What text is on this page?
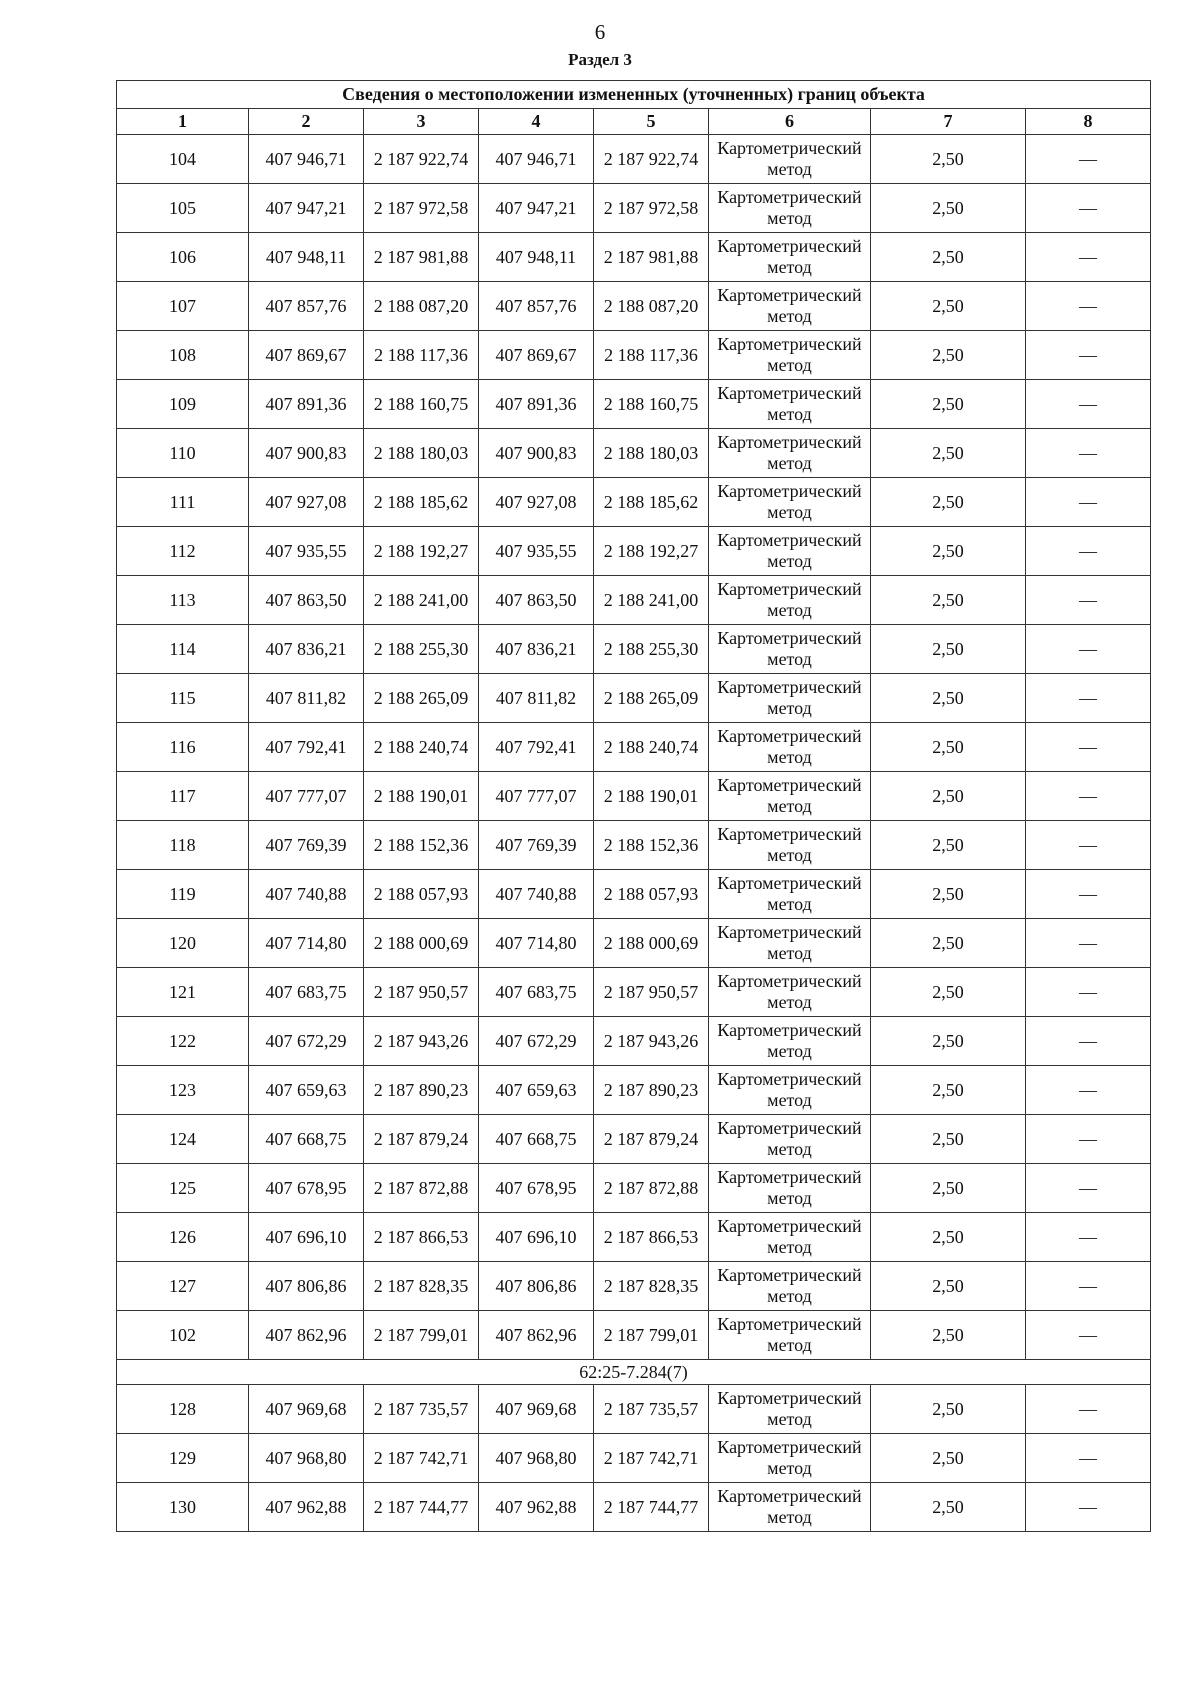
6
Раздел 3
Сведения о местоположении измененных (уточненных) границ объекта							
1	2	3	4	5	6	7	8
104	407 946,71	2 187 922,74	407 946,71	2 187 922,74	Картометрический метод	2,50	—
105	407 947,21	2 187 972,58	407 947,21	2 187 972,58	Картометрический метод	2,50	—
106	407 948,11	2 187 981,88	407 948,11	2 187 981,88	Картометрический метод	2,50	—
107	407 857,76	2 188 087,20	407 857,76	2 188 087,20	Картометрический метод	2,50	—
108	407 869,67	2 188 117,36	407 869,67	2 188 117,36	Картометрический метод	2,50	—
109	407 891,36	2 188 160,75	407 891,36	2 188 160,75	Картометрический метод	2,50	—
110	407 900,83	2 188 180,03	407 900,83	2 188 180,03	Картометрический метод	2,50	—
111	407 927,08	2 188 185,62	407 927,08	2 188 185,62	Картометрический метод	2,50	—
112	407 935,55	2 188 192,27	407 935,55	2 188 192,27	Картометрический метод	2,50	—
113	407 863,50	2 188 241,00	407 863,50	2 188 241,00	Картометрический метод	2,50	—
114	407 836,21	2 188 255,30	407 836,21	2 188 255,30	Картометрический метод	2,50	—
115	407 811,82	2 188 265,09	407 811,82	2 188 265,09	Картометрический метод	2,50	—
116	407 792,41	2 188 240,74	407 792,41	2 188 240,74	Картометрический метод	2,50	—
117	407 777,07	2 188 190,01	407 777,07	2 188 190,01	Картометрический метод	2,50	—
118	407 769,39	2 188 152,36	407 769,39	2 188 152,36	Картометрический метод	2,50	—
119	407 740,88	2 188 057,93	407 740,88	2 188 057,93	Картометрический метод	2,50	—
120	407 714,80	2 188 000,69	407 714,80	2 188 000,69	Картометрический метод	2,50	—
121	407 683,75	2 187 950,57	407 683,75	2 187 950,57	Картометрический метод	2,50	—
122	407 672,29	2 187 943,26	407 672,29	2 187 943,26	Картометрический метод	2,50	—
123	407 659,63	2 187 890,23	407 659,63	2 187 890,23	Картометрический метод	2,50	—
124	407 668,75	2 187 879,24	407 668,75	2 187 879,24	Картометрический метод	2,50	—
125	407 678,95	2 187 872,88	407 678,95	2 187 872,88	Картометрический метод	2,50	—
126	407 696,10	2 187 866,53	407 696,10	2 187 866,53	Картометрический метод	2,50	—
127	407 806,86	2 187 828,35	407 806,86	2 187 828,35	Картометрический метод	2,50	—
102	407 862,96	2 187 799,01	407 862,96	2 187 799,01	Картометрический метод	2,50	—
62:25-7.284(7)							
128	407 969,68	2 187 735,57	407 969,68	2 187 735,57	Картометрический метод	2,50	—
129	407 968,80	2 187 742,71	407 968,80	2 187 742,71	Картометрический метод	2,50	—
130	407 962,88	2 187 744,77	407 962,88	2 187 744,77	Картометрический метод	2,50	—
